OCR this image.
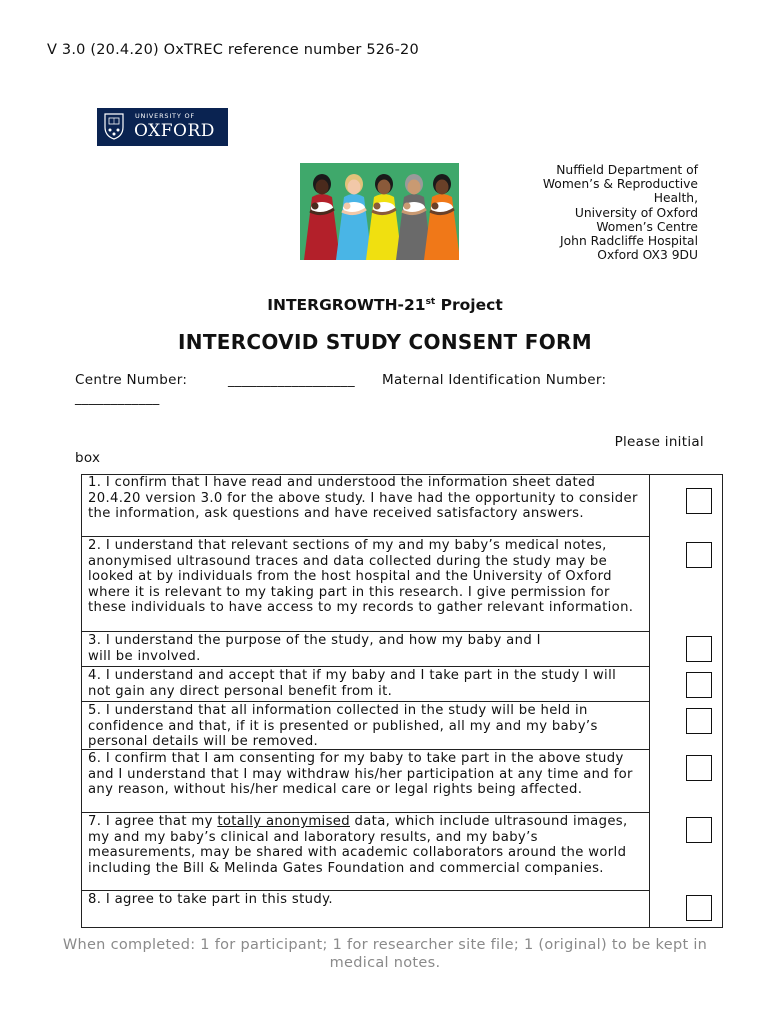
V 3.0 (20.4.20) OxTREC reference number 526-20
UNIVERSITY OF
OXFORD
Nuffield Department of
Women’s & Reproductive
Health,
University of Oxford
Women’s Centre
John Radcliffe Hospital
Oxford OX3 9DU
INTERGROWTH-21st Project
INTERCOVID STUDY CONSENT FORM
Centre Number:	__________________ Maternal Identification Number:
____________
Please initial
box
1. I confirm that I have read and understood the information sheet dated 20.4.20 version 3.0 for the above study. I have had the opportunity to consider the information, ask questions and have received satisfactory answers.
2. I understand that relevant sections of my and my baby’s medical notes, anonymised ultrasound traces and data collected during the study may be looked at by individuals from the host hospital and the University of Oxford where it is relevant to my taking part in this research. I give permission for these individuals to have access to my records to gather relevant information.
3. I understand the purpose of the study, and how my baby and I will be involved.
4. I understand and accept that if my baby and I take part in the study I will not gain any direct personal benefit from it.
5. I understand that all information collected in the study will be held in confidence and that, if it is presented or published, all my and my baby’s personal details will be removed.
6. I confirm that I am consenting for my baby to take part in the above study and I understand that I may withdraw his/her participation at any time and for any reason, without his/her medical care or legal rights being affected.
7. I agree that my totally anonymised data, which include ultrasound images, my and my baby’s clinical and laboratory results, and my baby’s measurements, may be shared with academic collaborators around the world including the Bill & Melinda Gates Foundation and commercial companies.
8. I agree to take part in this study.
When completed: 1 for participant; 1 for researcher site file; 1 (original) to be kept in medical notes.
